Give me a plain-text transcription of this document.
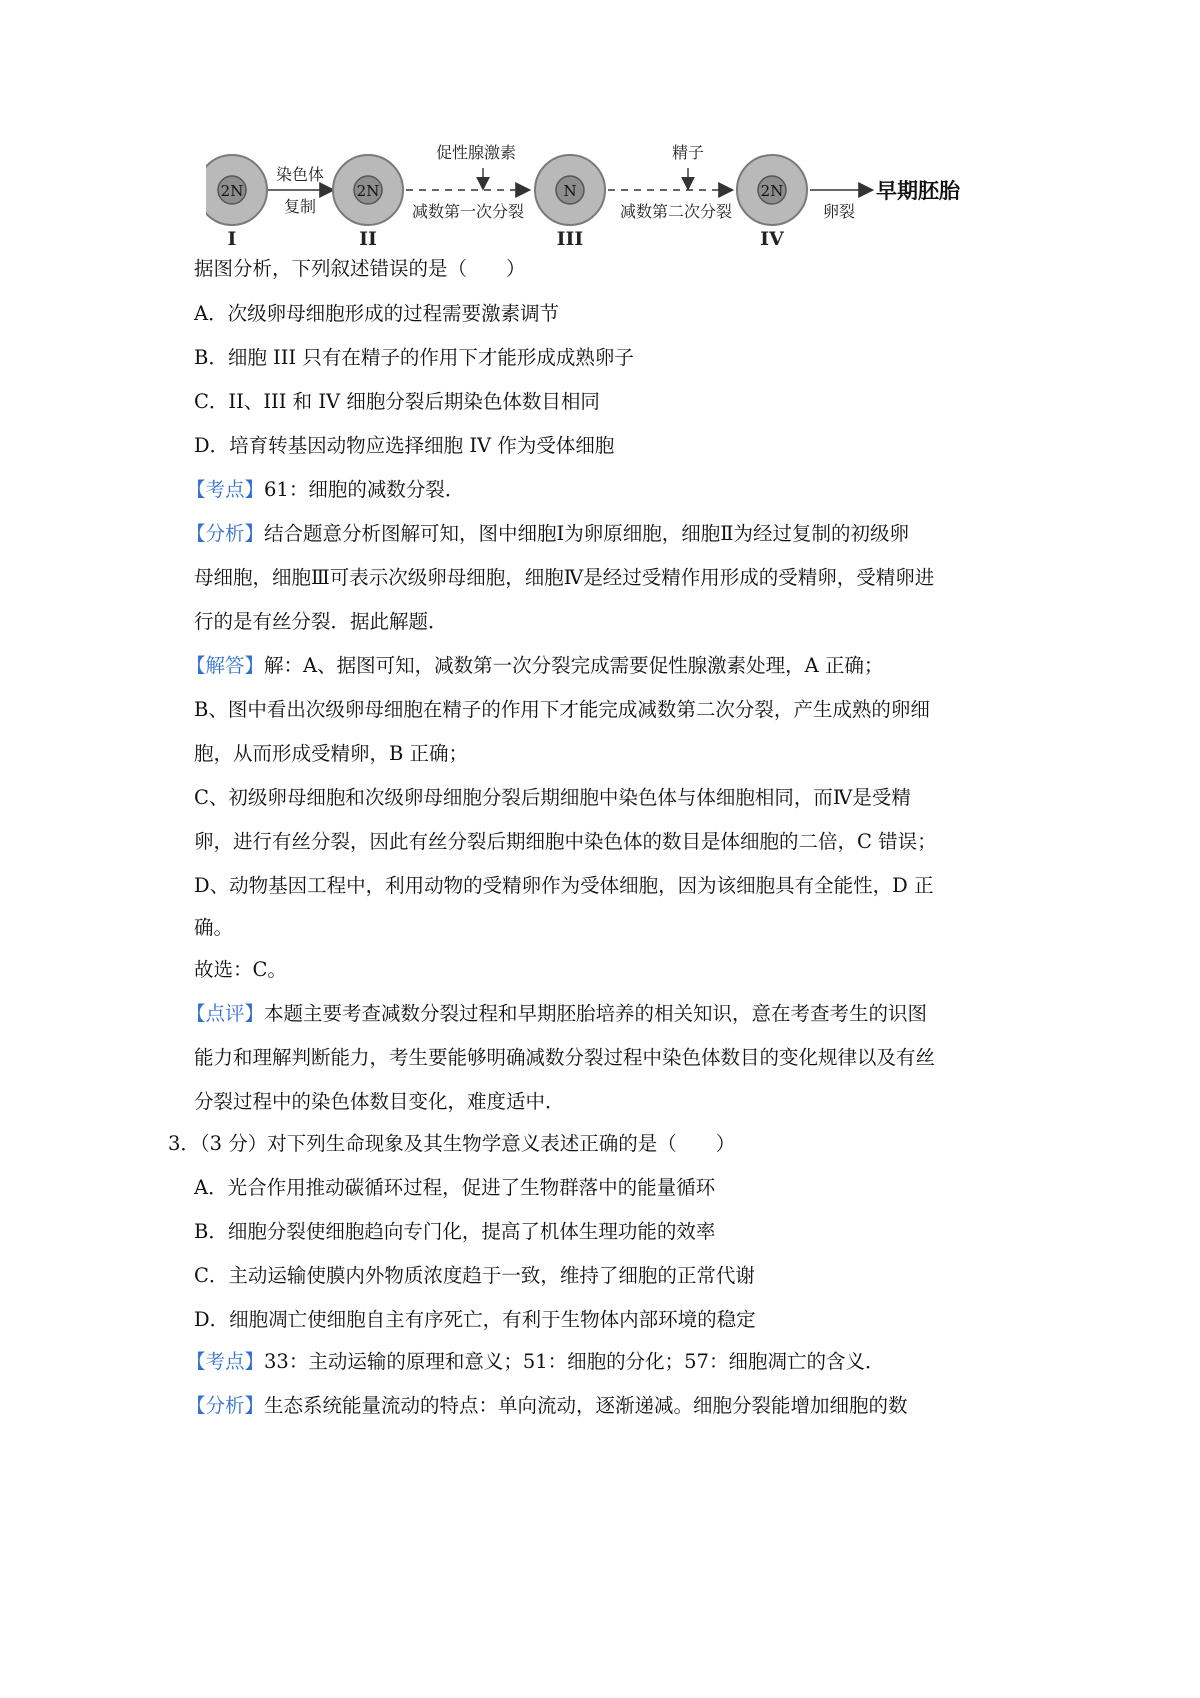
2N
I
染色体
复制
2N
II
促性腺激素
减数第一次分裂
N
III
精子
减数第二次分裂
2N
IV
卵裂
早期胚胎
据图分析，下列叙述错误的是（　　）
A．次级卵母细胞形成的过程需要激素调节
B．细胞 III 只有在精子的作用下才能形成成熟卵子
C．II、III 和 IV 细胞分裂后期染色体数目相同
D．培育转基因动物应选择细胞 IV 作为受体细胞
【考点】61：细胞的减数分裂．
【分析】结合题意分析图解可知，图中细胞Ⅰ为卵原细胞，细胞Ⅱ为经过复制的初级卵
母细胞，细胞Ⅲ可表示次级卵母细胞，细胞Ⅳ是经过受精作用形成的受精卵，受精卵进
行的是有丝分裂．据此解题．
【解答】解：A、据图可知，减数第一次分裂完成需要促性腺激素处理，A 正确；
B、图中看出次级卵母细胞在精子的作用下才能完成减数第二次分裂，产生成熟的卵细
胞，从而形成受精卵，B 正确；
C、初级卵母细胞和次级卵母细胞分裂后期细胞中染色体与体细胞相同，而Ⅳ是受精
卵，进行有丝分裂，因此有丝分裂后期细胞中染色体的数目是体细胞的二倍，C 错误；
D、动物基因工程中，利用动物的受精卵作为受体细胞，因为该细胞具有全能性，D 正
确。
故选：C。
【点评】本题主要考查减数分裂过程和早期胚胎培养的相关知识，意在考查考生的识图
能力和理解判断能力，考生要能够明确减数分裂过程中染色体数目的变化规律以及有丝
分裂过程中的染色体数目变化，难度适中．
3．（3 分）对下列生命现象及其生物学意义表述正确的是（　　）
A．光合作用推动碳循环过程，促进了生物群落中的能量循环
B．细胞分裂使细胞趋向专门化，提高了机体生理功能的效率
C．主动运输使膜内外物质浓度趋于一致，维持了细胞的正常代谢
D．细胞凋亡使细胞自主有序死亡，有利于生物体内部环境的稳定
【考点】33：主动运输的原理和意义；51：细胞的分化；57：细胞凋亡的含义．
【分析】生态系统能量流动的特点：单向流动，逐渐递减。细胞分裂能增加细胞的数
